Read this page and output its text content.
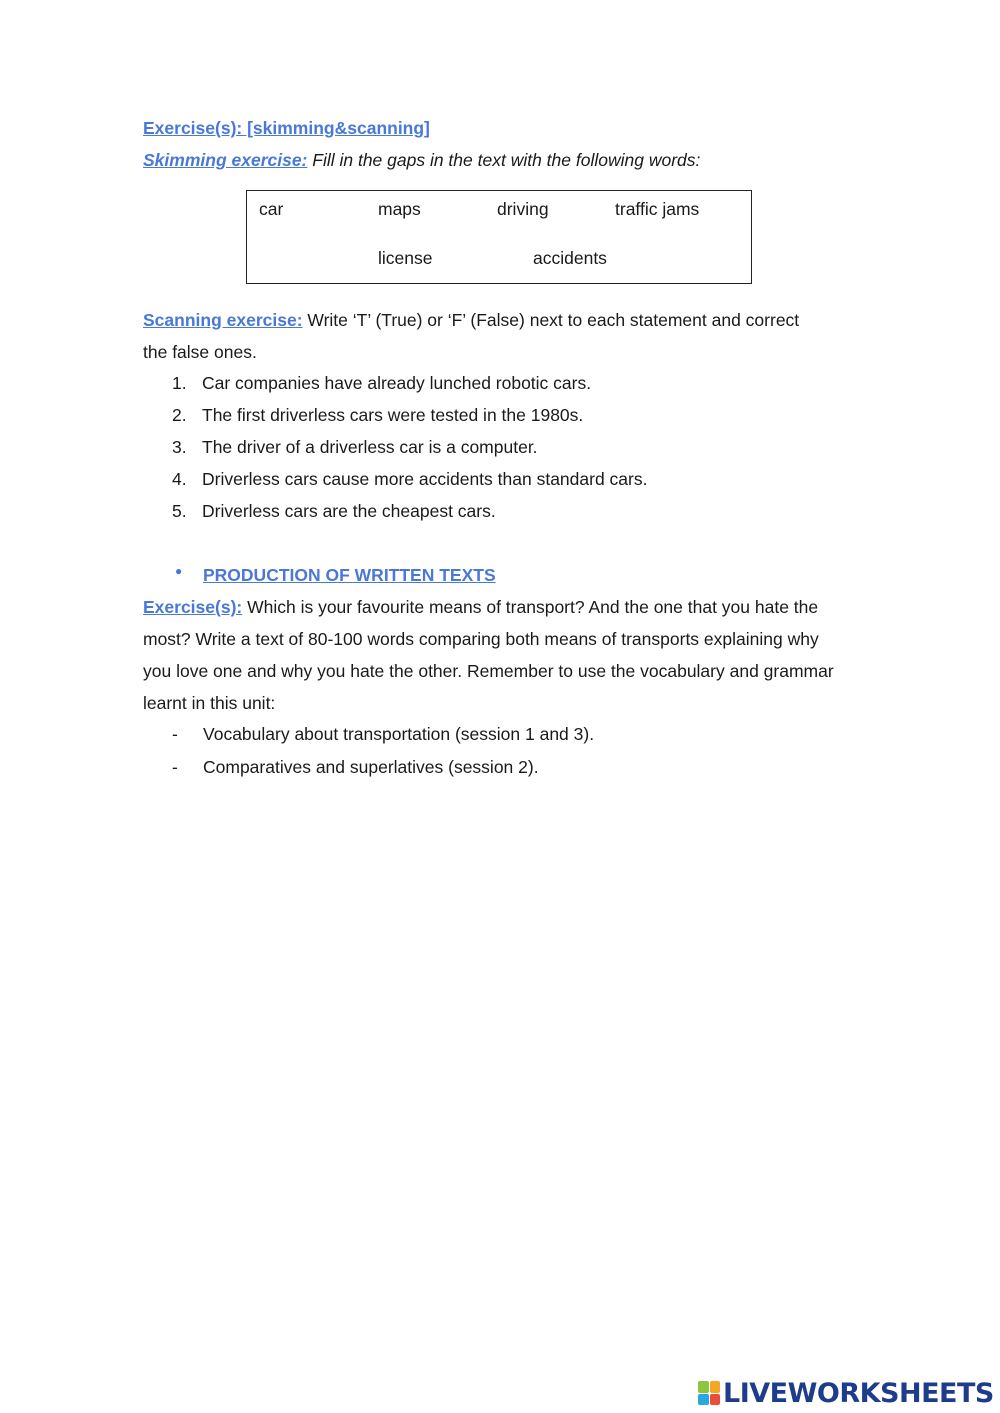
Exercise(s): [skimming&scanning]
Skimming exercise: Fill in the gaps in the text with the following words:
car	maps	driving	traffic jams
license	accidents
Scanning exercise: Write ‘T’ (True) or ‘F’ (False) next to each statement and correct
the false ones.
1. Car companies have already lunched robotic cars.
2. The first driverless cars were tested in the 1980s.
3. The driver of a driverless car is a computer.
4. Driverless cars cause more accidents than standard cars.
5. Driverless cars are the cheapest cars.
● PRODUCTION OF WRITTEN TEXTS
Exercise(s): Which is your favourite means of transport? And the one that you hate the
most? Write a text of 80-100 words comparing both means of transports explaining why
you love one and why you hate the other. Remember to use the vocabulary and grammar
learnt in this unit:
- Vocabulary about transportation (session 1 and 3).
- Comparatives and superlatives (session 2).
LIVEWORKSHEETS
